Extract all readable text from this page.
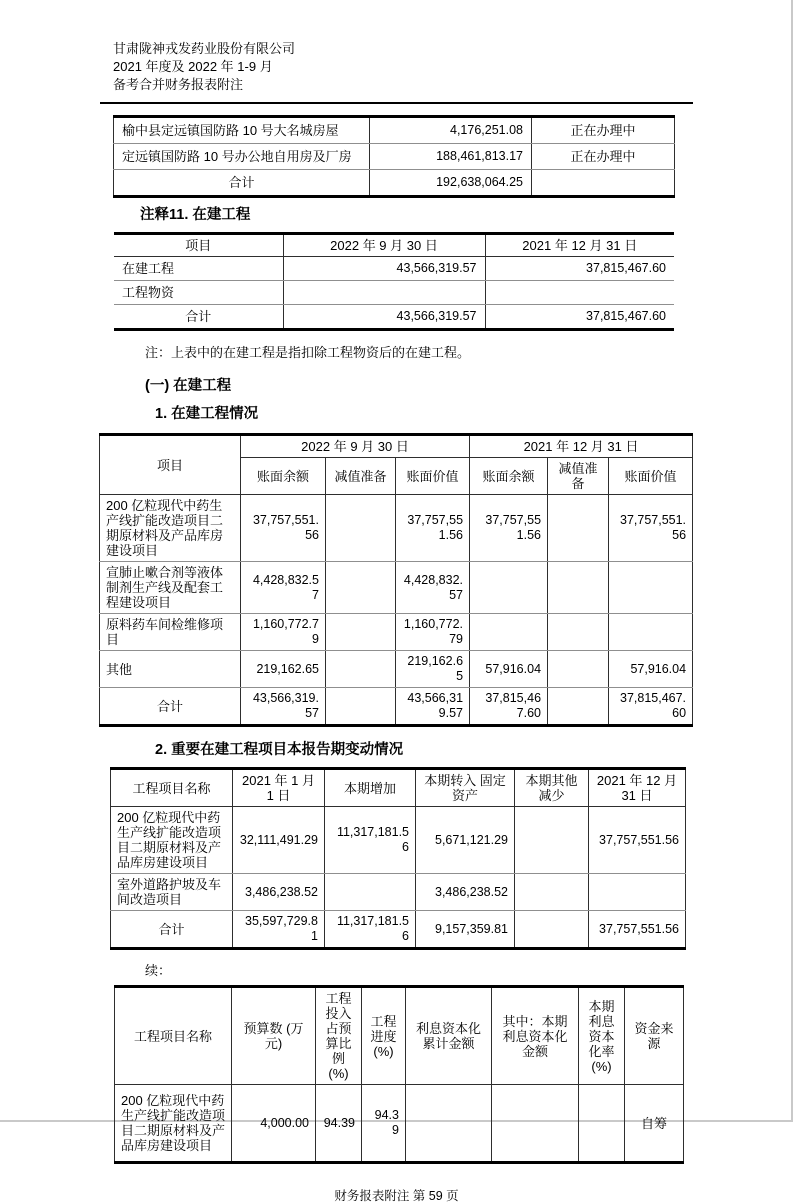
甘肃陇神戎发药业股份有限公司
2021 年度及 2022 年 1-9 月
备考合并财务报表附注
榆中县定远镇国防路 10 号大名城房屋	4,176,251.08	正在办理中
定远镇国防路 10 号办公地自用房及厂房	188,461,813.17	正在办理中
合计	192,638,064.25	
注释11. 在建工程
项目	2022 年 9 月 30 日	2021 年 12 月 31 日
在建工程	43,566,319.57	37,815,467.60
工程物资		
合计	43,566,319.57	37,815,467.60
注：上表中的在建工程是指扣除工程物资后的在建工程。
(一) 在建工程
1. 在建工程情况
项目	2022 年 9 月 30 日			2021 年 12 月 31 日		
	账面余额	减值准备	账面价值	账面余额	减值准备	账面价值
200 亿粒现代中药生产线扩能改造项目二期原材料及产品库房建设项目	37,757,551.56		37,757,551.56	37,757,551.56		37,757,551.56
宣肺止嗽合剂等液体制剂生产线及配套工程建设项目	4,428,832.57		4,428,832.57			
原料药车间检维修项目	1,160,772.79		1,160,772.79			
其他	219,162.65		219,162.65	57,916.04		57,916.04
合计	43,566,319.57		43,566,319.57	37,815,467.60		37,815,467.60
2. 重要在建工程项目本报告期变动情况
工程项目名称	2021 年 1 月 1 日	本期增加	本期转入 固定资产	本期其他 减少	2021 年 12 月 31 日
200 亿粒现代中药生产线扩能改造项目二期原材料及产品库房建设项目	32,111,491.29	11,317,181.56	5,671,121.29		37,757,551.56
室外道路护坡及车间改造项目	3,486,238.52		3,486,238.52		
合计	35,597,729.81	11,317,181.56	9,157,359.81		37,757,551.56
续：
工程项目名称	预算数 (万元)	工程投入占预算比例(%)	工程 进度 (%)	利息资本化 累计金额	其中：本期利息资本化金额	本期利息资本化率(%)	资金来源
200 亿粒现代中药生产线扩能改造项目二期原材料及产品库房建设项目	4,000.00	94.39	94.39				自筹
财务报表附注 第 59 页
